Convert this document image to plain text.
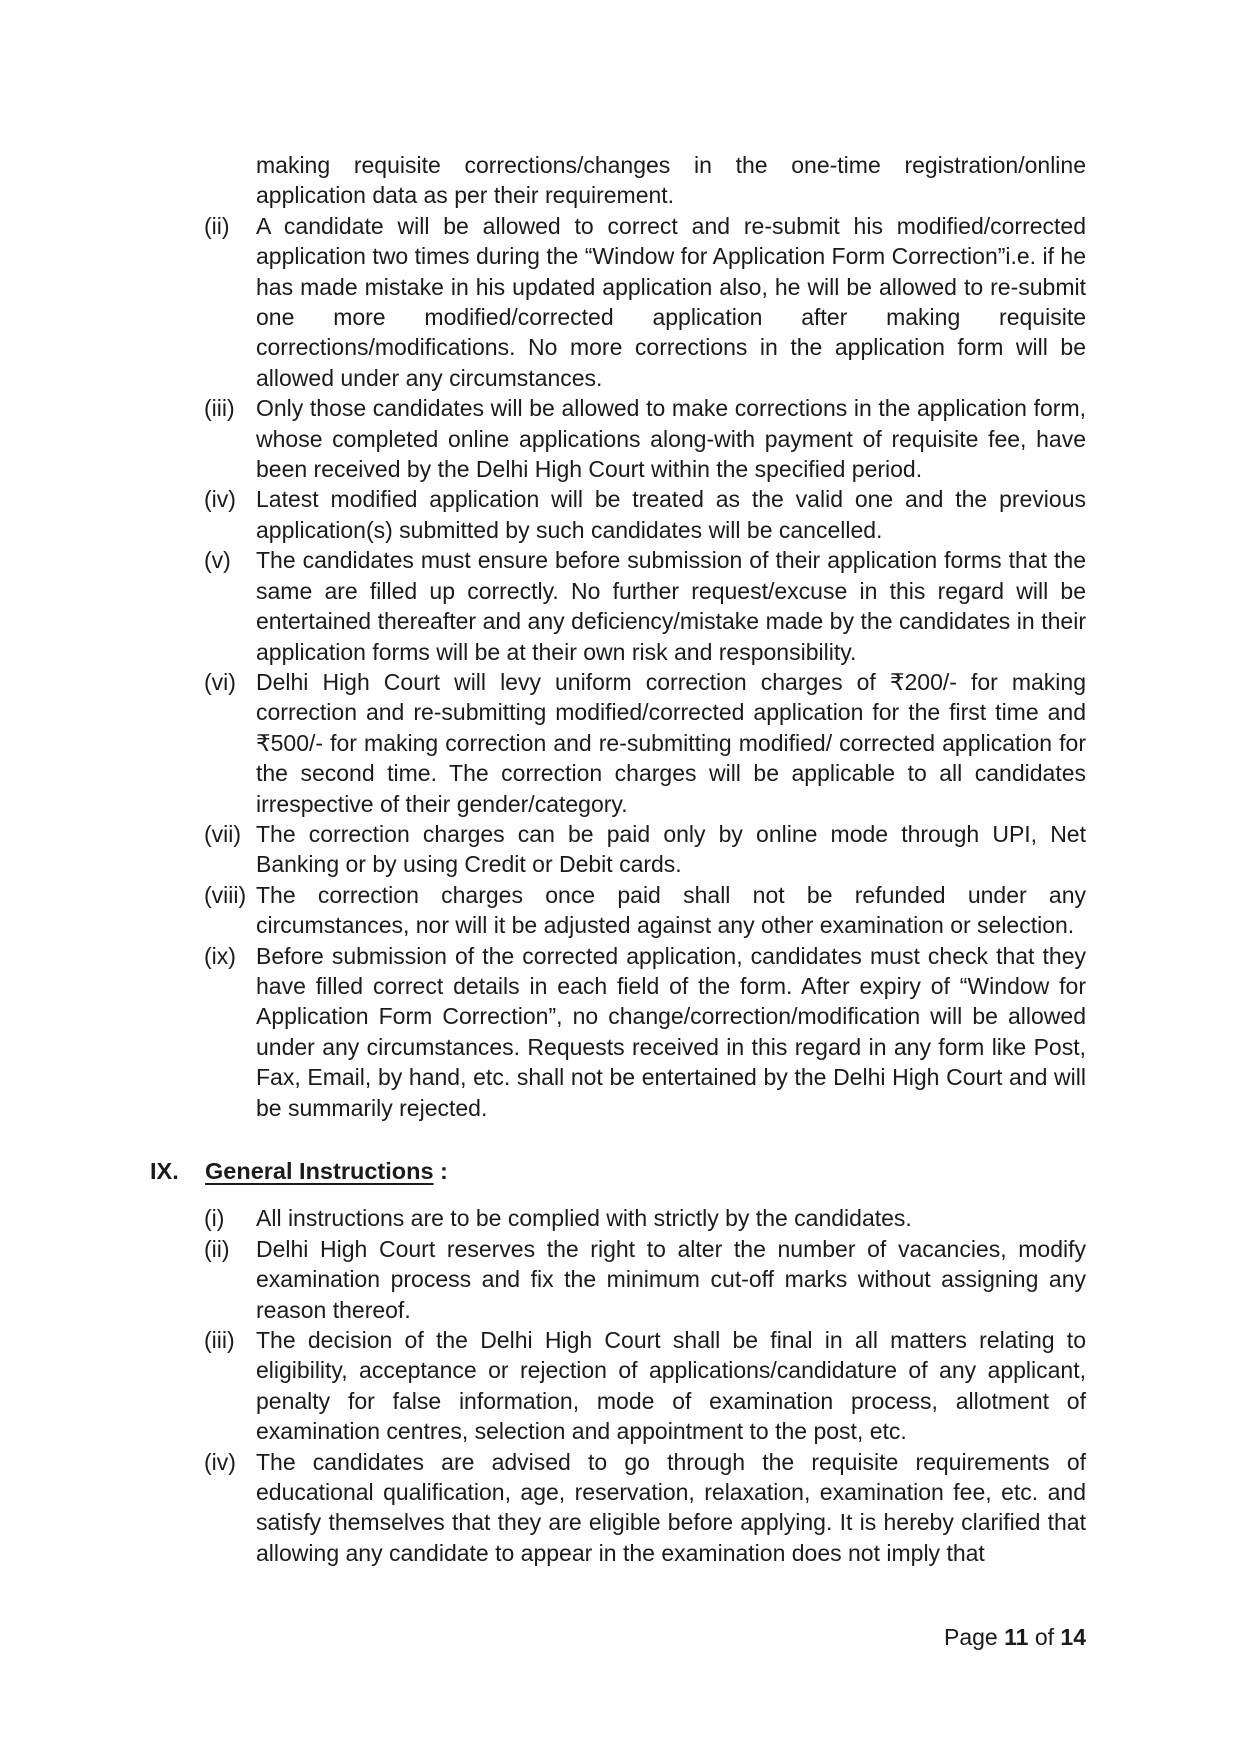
making requisite corrections/changes in the one-time registration/online application data as per their requirement.
(ii)	A candidate will be allowed to correct and re-submit his modified/corrected application two times during the “Window for Application Form Correction”i.e. if he has made mistake in his updated application also, he will be allowed to re-submit one more modified/corrected application after making requisite corrections/modifications. No more corrections in the application form will be allowed under any circumstances.
(iii) Only those candidates will be allowed to make corrections in the application form, whose completed online applications along-with payment of requisite fee, have been received by the Delhi High Court within the specified period.
(iv) Latest modified application will be treated as the valid one and the previous application(s) submitted by such candidates will be cancelled.
(v)	The candidates must ensure before submission of their application forms that the same are filled up correctly. No further request/excuse in this regard will be entertained thereafter and any deficiency/mistake made by the candidates in their application forms will be at their own risk and responsibility.
(vi) Delhi High Court will levy uniform correction charges of ₹200/- for making correction and re-submitting modified/corrected application for the first time and ₹500/- for making correction and re-submitting modified/ corrected application for the second time. The correction charges will be applicable to all candidates irrespective of their gender/category.
(vii) The correction charges can be paid only by online mode through UPI, Net Banking or by using Credit or Debit cards.
(viii) The correction charges once paid shall not be refunded under any circumstances, nor will it be adjusted against any other examination or selection.
(ix) Before submission of the corrected application, candidates must check that they have filled correct details in each field of the form. After expiry of “Window for Application Form Correction”, no change/correction/modification will be allowed under any circumstances. Requests received in this regard in any form like Post, Fax, Email, by hand, etc. shall not be entertained by the Delhi High Court and will be summarily rejected.
IX.	General Instructions :
(i)	All instructions are to be complied with strictly by the candidates.
(ii)	Delhi High Court reserves the right to alter the number of vacancies, modify examination process and fix the minimum cut-off marks without assigning any reason thereof.
(iii) The decision of the Delhi High Court shall be final in all matters relating to eligibility, acceptance or rejection of applications/candidature of any applicant, penalty for false information, mode of examination process, allotment of examination centres, selection and appointment to the post, etc.
(iv) The candidates are advised to go through the requisite requirements of educational qualification, age, reservation, relaxation, examination fee, etc. and satisfy themselves that they are eligible before applying. It is hereby clarified that allowing any candidate to appear in the examination does not imply that
Page 11 of 14
